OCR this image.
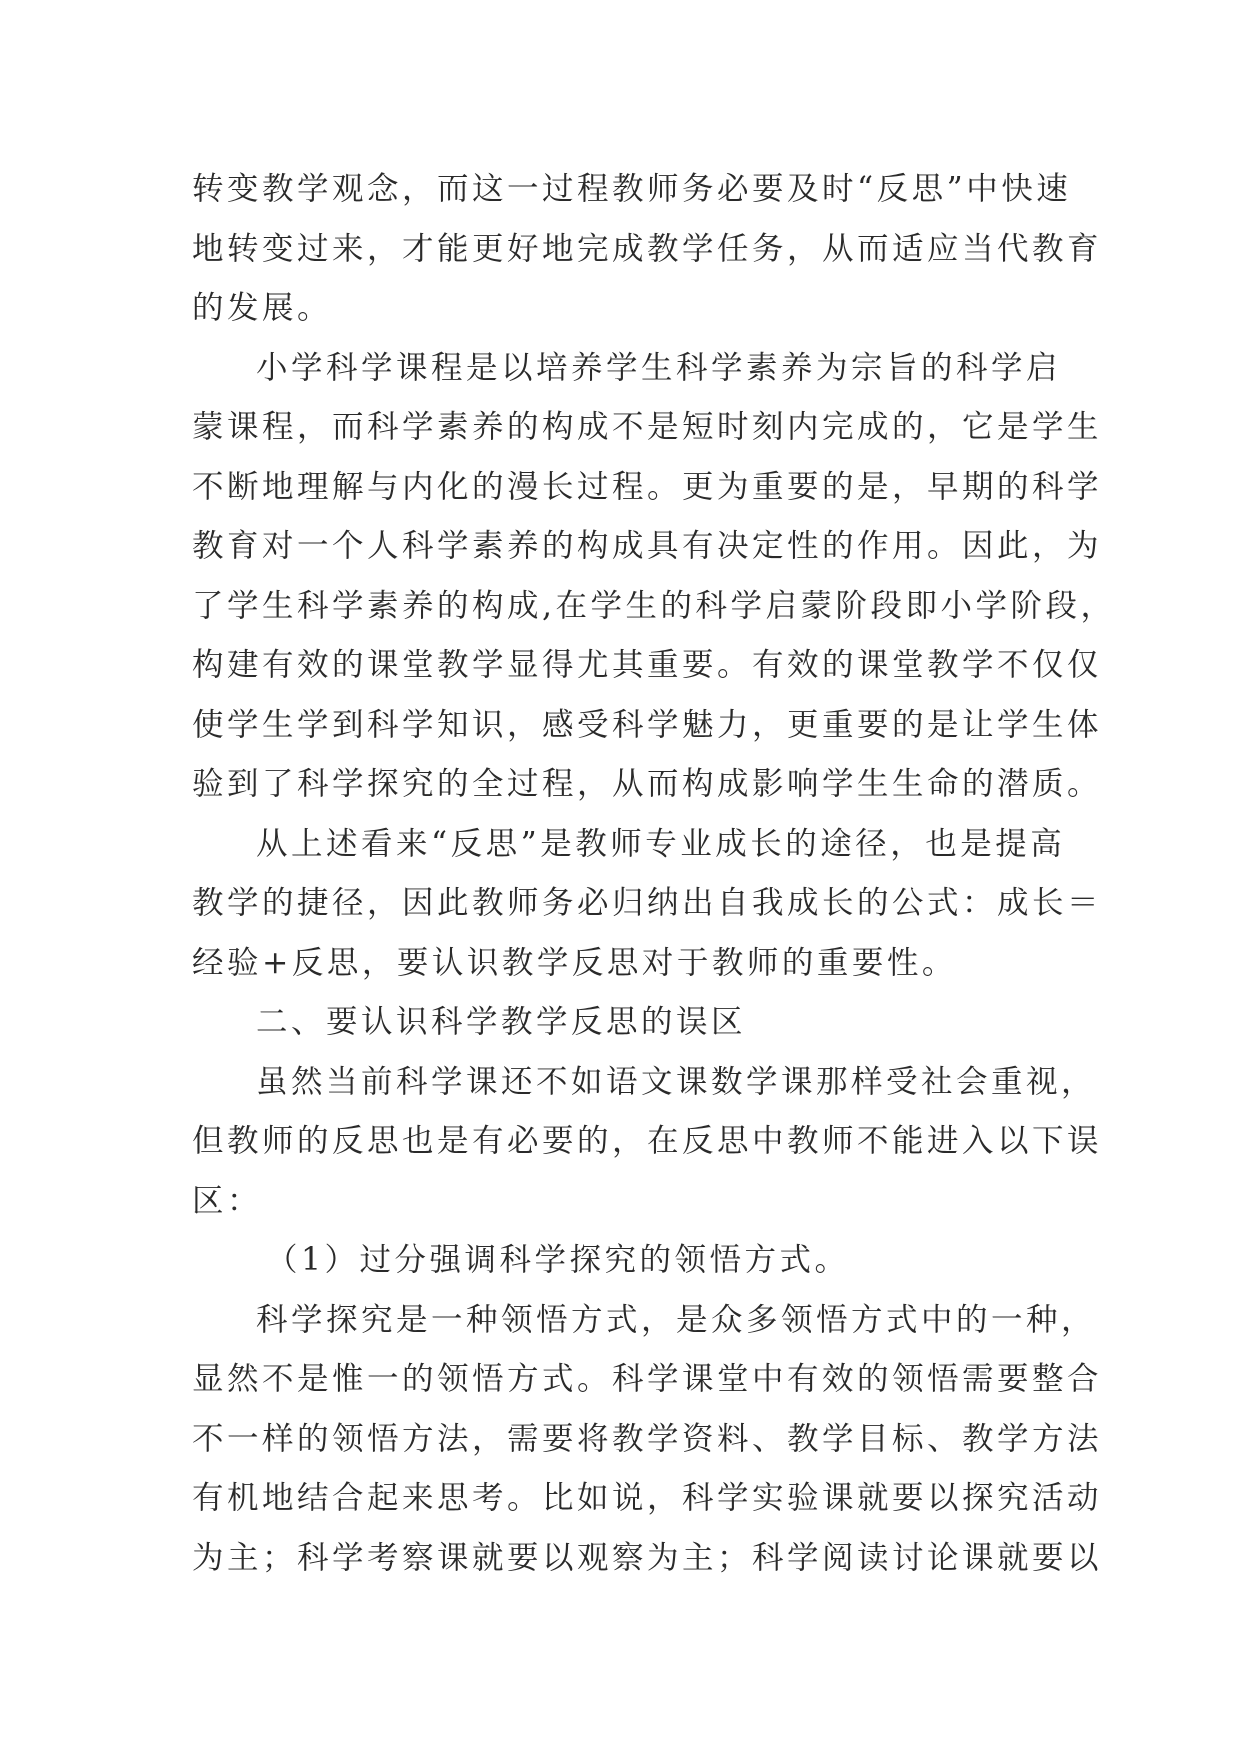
转变教学观念，而这一过程教师务必要及时“反思”中快速
地转变过来，才能更好地完成教学任务，从而适应当代教育
的发展。
小学科学课程是以培养学生科学素养为宗旨的科学启
蒙课程，而科学素养的构成不是短时刻内完成的，它是学生
不断地理解与内化的漫长过程。更为重要的是，早期的科学
教育对一个人科学素养的构成具有决定性的作用。因此，为
了学生科学素养的构成,在学生的科学启蒙阶段即小学阶段，
构建有效的课堂教学显得尤其重要。有效的课堂教学不仅仅
使学生学到科学知识，感受科学魅力，更重要的是让学生体
验到了科学探究的全过程，从而构成影响学生生命的潜质。
从上述看来“反思”是教师专业成长的途径，也是提高
教学的捷径，因此教师务必归纳出自我成长的公式：成长＝
经验+反思，要认识教学反思对于教师的重要性。
二、要认识科学教学反思的误区
虽然当前科学课还不如语文课数学课那样受社会重视，
但教师的反思也是有必要的，在反思中教师不能进入以下误
区：
（1）过分强调科学探究的领悟方式。
科学探究是一种领悟方式，是众多领悟方式中的一种，
显然不是惟一的领悟方式。科学课堂中有效的领悟需要整合
不一样的领悟方法，需要将教学资料、教学目标、教学方法
有机地结合起来思考。比如说，科学实验课就要以探究活动
为主；科学考察课就要以观察为主；科学阅读讨论课就要以
